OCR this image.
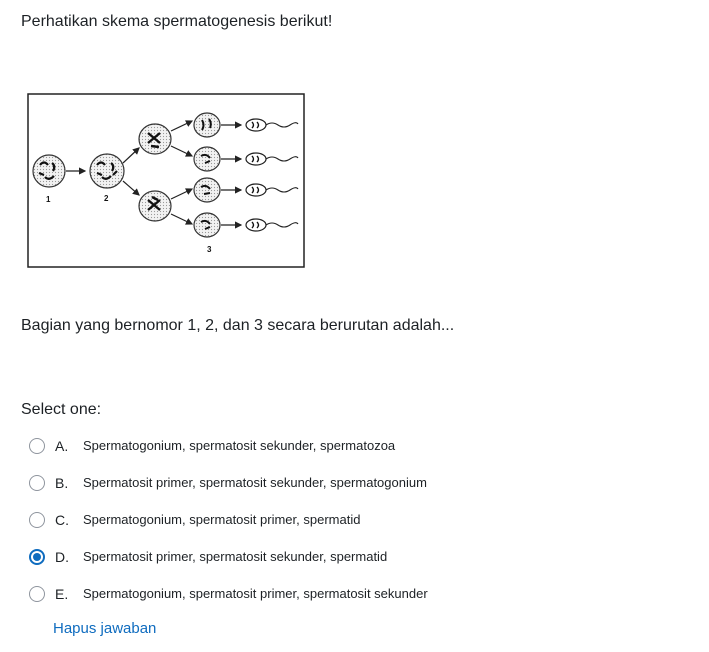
Perhatikan skema spermatogenesis berikut!
1	2
3
Bagian yang bernomor 1, 2, dan 3 secara berurutan adalah...
Select one:
A.	Spermatogonium, spermatosit sekunder, spermatozoa
B.	Spermatosit primer, spermatosit sekunder, spermatogonium
C.	Spermatogonium, spermatosit primer, spermatid
D.	Spermatosit primer, spermatosit sekunder, spermatid
E.	Spermatogonium, spermatosit primer, spermatosit sekunder
Hapus jawaban
